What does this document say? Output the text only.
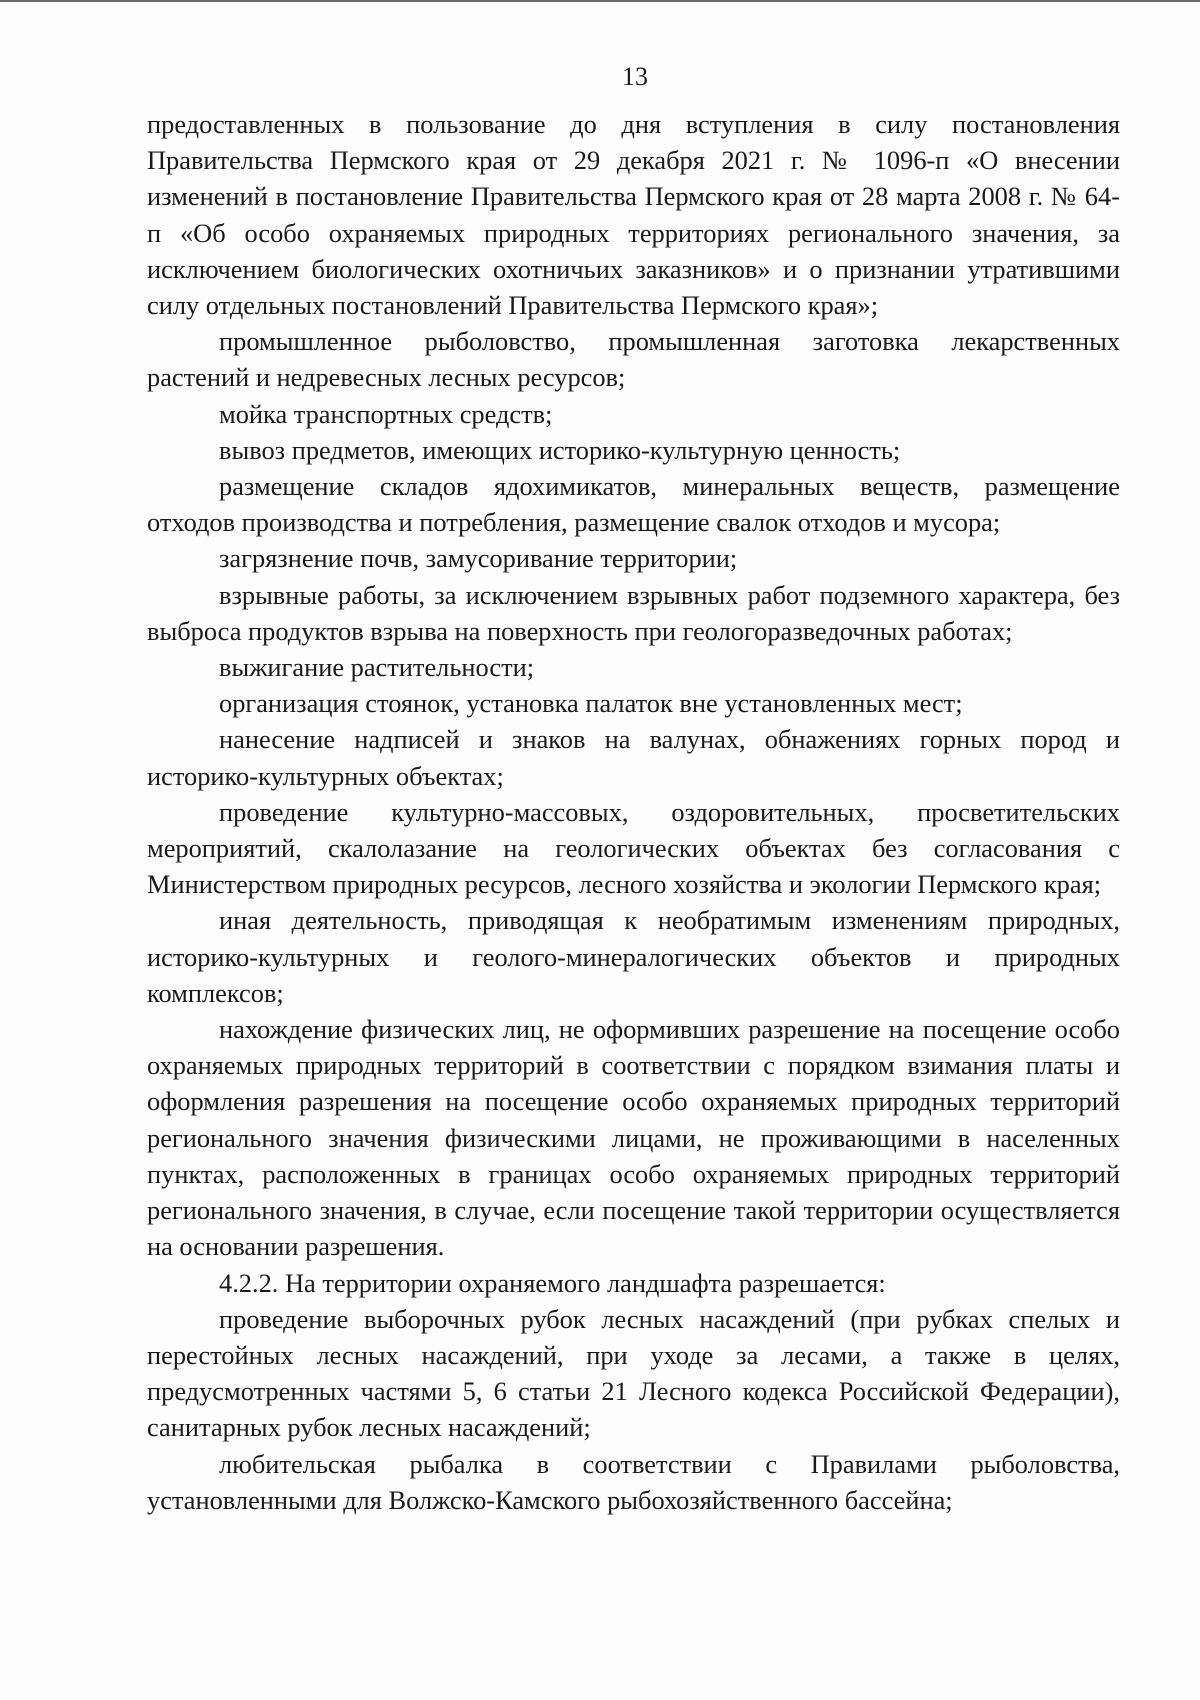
13

предоставленных в пользование до дня вступления в силу постановления Правительства Пермского края от 29 декабря 2021 г. № 1096-п «О внесении изменений в постановление Правительства Пермского края от 28 марта 2008 г. № 64-п «Об особо охраняемых природных территориях регионального значения, за исключением биологических охотничьих заказников» и о признании утратившими силу отдельных постановлений Правительства Пермского края»;

промышленное рыболовство, промышленная заготовка лекарственных растений и недревесных лесных ресурсов;

мойка транспортных средств;

вывоз предметов, имеющих историко-культурную ценность;

размещение складов ядохимикатов, минеральных веществ, размещение отходов производства и потребления, размещение свалок отходов и мусора;

загрязнение почв, замусоривание территории;

взрывные работы, за исключением взрывных работ подземного характера, без выброса продуктов взрыва на поверхность при геологоразведочных работах;

выжигание растительности;

организация стоянок, установка палаток вне установленных мест;

нанесение надписей и знаков на валунах, обнажениях горных пород и историко-культурных объектах;

проведение культурно-массовых, оздоровительных, просветительских мероприятий, скалолазание на геологических объектах без согласования с Министерством природных ресурсов, лесного хозяйства и экологии Пермского края;

иная деятельность, приводящая к необратимым изменениям природных, историко-культурных и геолого-минералогических объектов и природных комплексов;

нахождение физических лиц, не оформивших разрешение на посещение особо охраняемых природных территорий в соответствии с порядком взимания платы и оформления разрешения на посещение особо охраняемых природных территорий регионального значения физическими лицами, не проживающими в населенных пунктах, расположенных в границах особо охраняемых природных территорий регионального значения, в случае, если посещение такой территории осуществляется на основании разрешения.

4.2.2. На территории охраняемого ландшафта разрешается:

проведение выборочных рубок лесных насаждений (при рубках спелых и перестойных лесных насаждений, при уходе за лесами, а также в целях, предусмотренных частями 5, 6 статьи 21 Лесного кодекса Российской Федерации), санитарных рубок лесных насаждений;

любительская рыбалка в соответствии с Правилами рыболовства, установленными для Волжско-Камского рыбохозяйственного бассейна;
